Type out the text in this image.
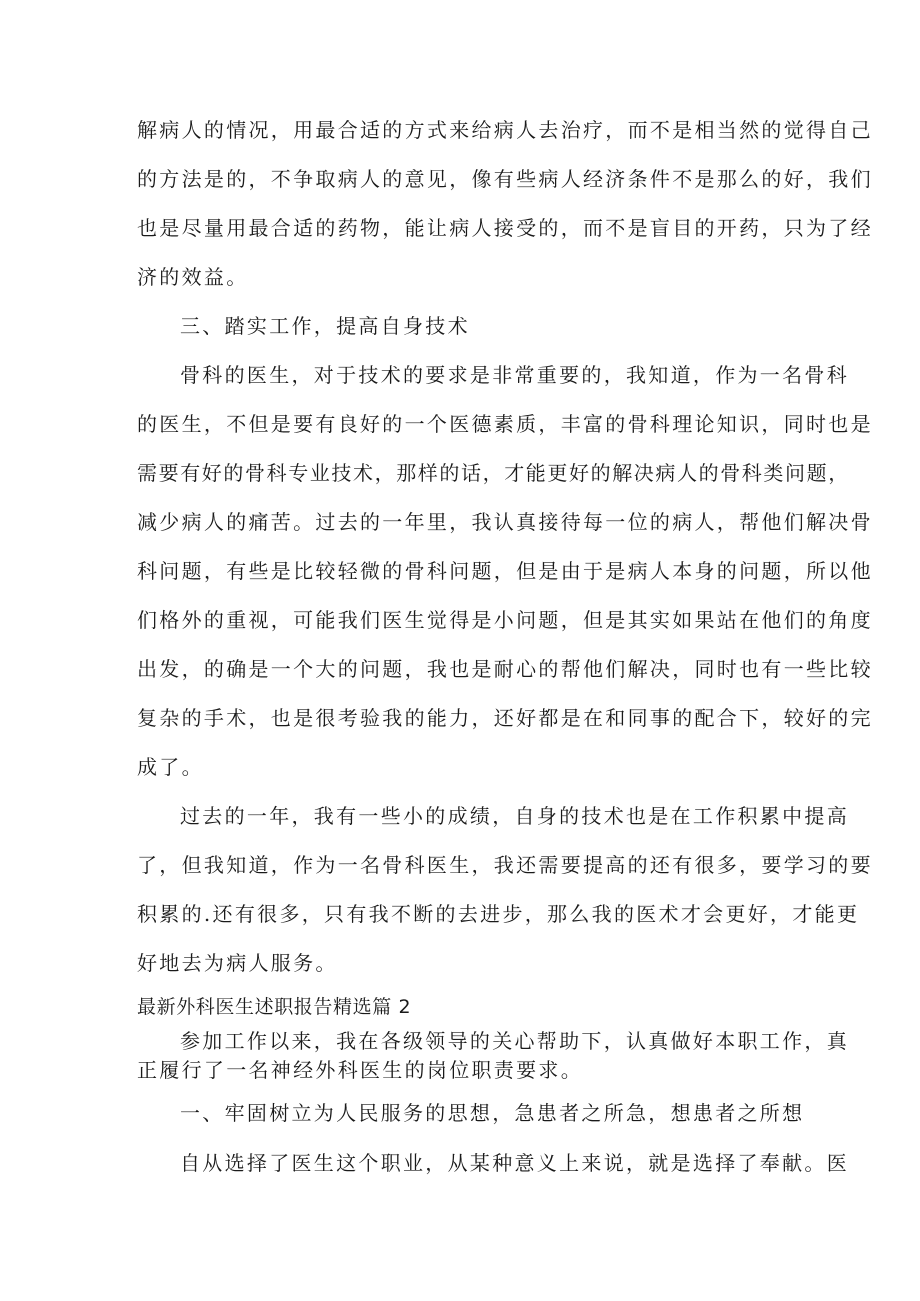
解病人的情况，用最合适的方式来给病人去治疗，而不是相当然的觉得自己
的方法是的，不争取病人的意见，像有些病人经济条件不是那么的好，我们
也是尽量用最合适的药物，能让病人接受的，而不是盲目的开药，只为了经
济的效益。
三、踏实工作，提高自身技术
骨科的医生，对于技术的要求是非常重要的，我知道，作为一名骨科
的医生，不但是要有良好的一个医德素质，丰富的骨科理论知识，同时也是
需要有好的骨科专业技术，那样的话，才能更好的解决病人的骨科类问题，
减少病人的痛苦。过去的一年里，我认真接待每一位的病人，帮他们解决骨
科问题，有些是比较轻微的骨科问题，但是由于是病人本身的问题，所以他
们格外的重视，可能我们医生觉得是小问题，但是其实如果站在他们的角度
出发，的确是一个大的问题，我也是耐心的帮他们解决，同时也有一些比较
复杂的手术，也是很考验我的能力，还好都是在和同事的配合下，较好的完
成了。
过去的一年，我有一些小的成绩，自身的技术也是在工作积累中提高
了，但我知道，作为一名骨科医生，我还需要提高的还有很多，要学习的要
积累的.还有很多，只有我不断的去进步，那么我的医术才会更好，才能更
好地去为病人服务。
最新外科医生述职报告精选篇 2
参加工作以来，我在各级领导的关心帮助下，认真做好本职工作，真
正履行了一名神经外科医生的岗位职责要求。
一、牢固树立为人民服务的思想，急患者之所急，想患者之所想
自从选择了医生这个职业，从某种意义上来说，就是选择了奉献。医
